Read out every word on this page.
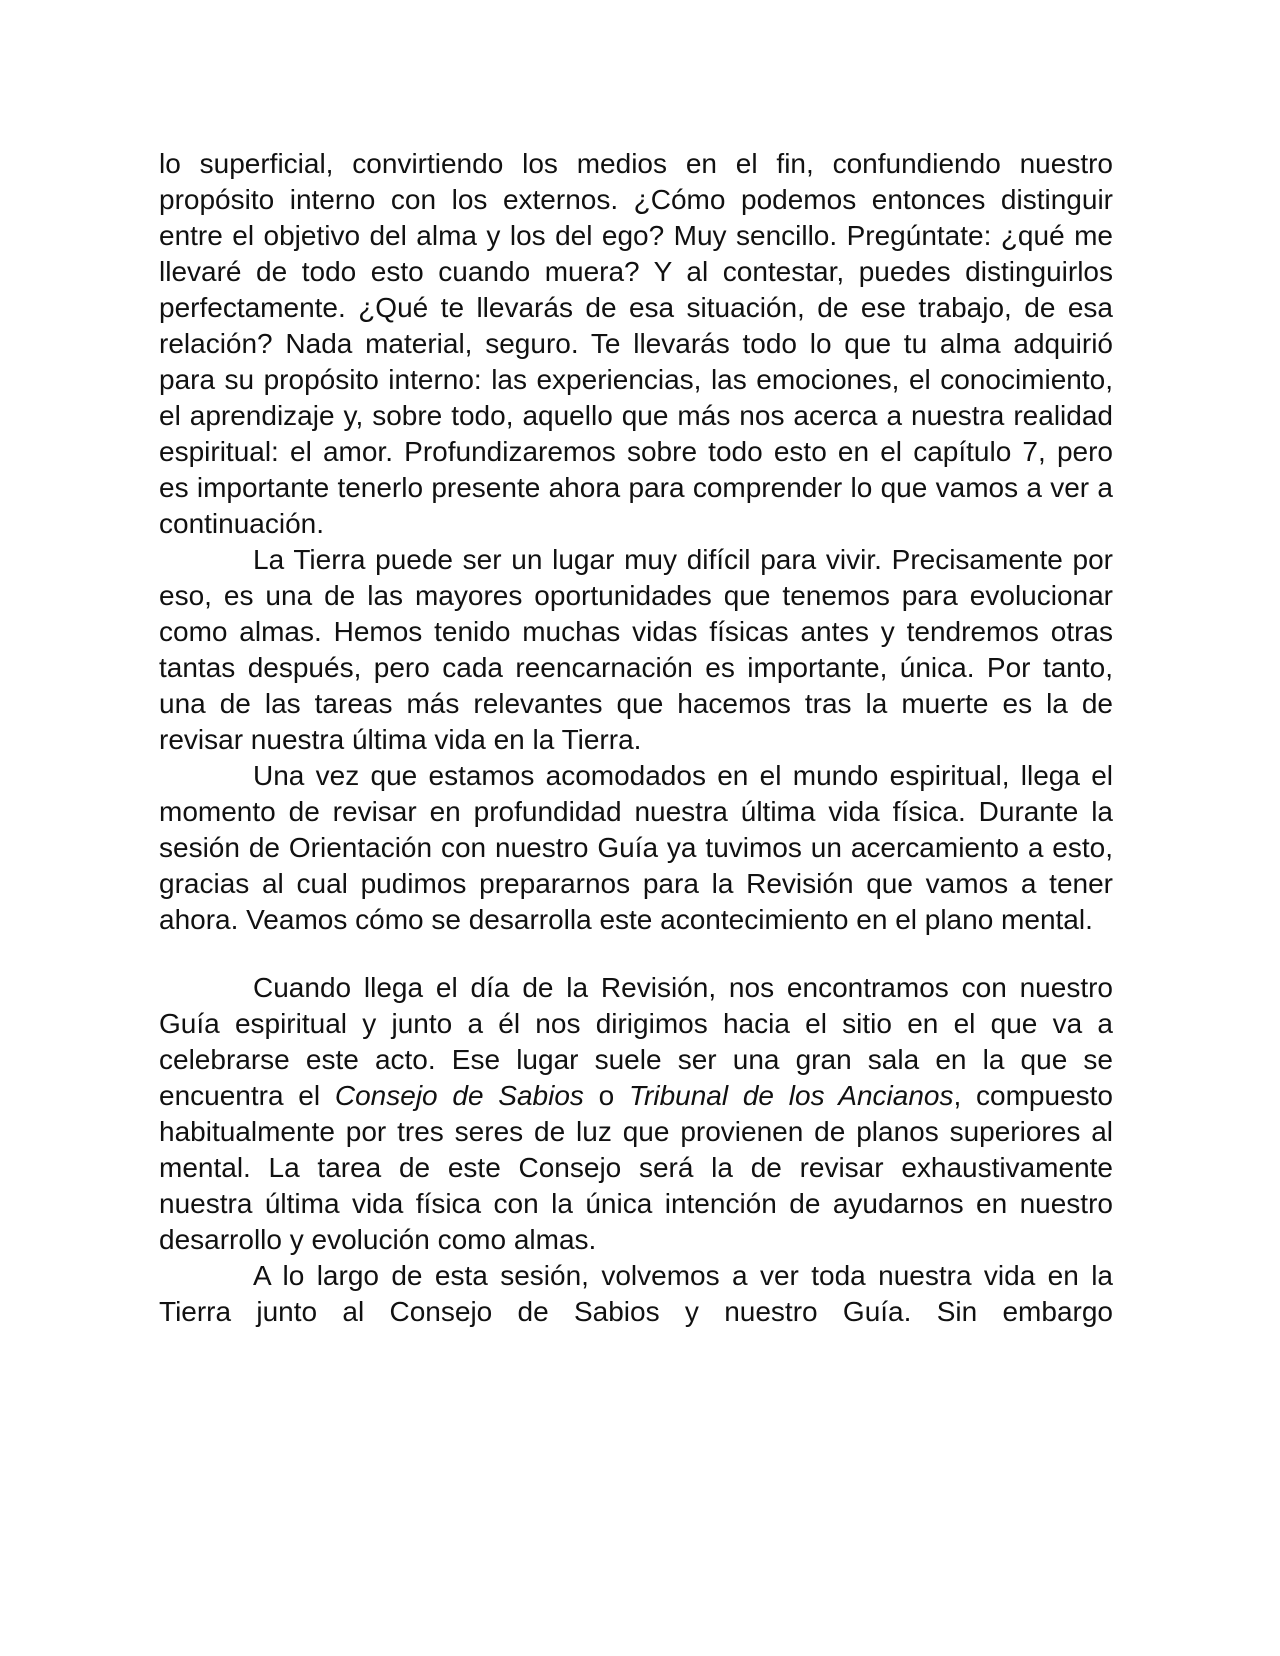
lo superficial, convirtiendo los medios en el fin, confundiendo nuestro propósito interno con los externos. ¿Cómo podemos entonces distinguir entre el objetivo del alma y los del ego? Muy sencillo. Pregúntate: ¿qué me llevaré de todo esto cuando muera? Y al contestar, puedes distinguirlos perfectamente. ¿Qué te llevarás de esa situación, de ese trabajo, de esa relación? Nada material, seguro. Te llevarás todo lo que tu alma adquirió para su propósito interno: las experiencias, las emociones, el conocimiento, el aprendizaje y, sobre todo, aquello que más nos acerca a nuestra realidad espiritual: el amor. Profundizaremos sobre todo esto en el capítulo 7, pero es importante tenerlo presente ahora para comprender lo que vamos a ver a continuación.

La Tierra puede ser un lugar muy difícil para vivir. Precisamente por eso, es una de las mayores oportunidades que tenemos para evolucionar como almas. Hemos tenido muchas vidas físicas antes y tendremos otras tantas después, pero cada reencarnación es importante, única. Por tanto, una de las tareas más relevantes que hacemos tras la muerte es la de revisar nuestra última vida en la Tierra.

Una vez que estamos acomodados en el mundo espiritual, llega el momento de revisar en profundidad nuestra última vida física. Durante la sesión de Orientación con nuestro Guía ya tuvimos un acercamiento a esto, gracias al cual pudimos prepararnos para la Revisión que vamos a tener ahora. Veamos cómo se desarrolla este acontecimiento en el plano mental.

Cuando llega el día de la Revisión, nos encontramos con nuestro Guía espiritual y junto a él nos dirigimos hacia el sitio en el que va a celebrarse este acto. Ese lugar suele ser una gran sala en la que se encuentra el Consejo de Sabios o Tribunal de los Ancianos, compuesto habitualmente por tres seres de luz que provienen de planos superiores al mental. La tarea de este Consejo será la de revisar exhaustivamente nuestra última vida física con la única intención de ayudarnos en nuestro desarrollo y evolución como almas.

A lo largo de esta sesión, volvemos a ver toda nuestra vida en la Tierra junto al Consejo de Sabios y nuestro Guía. Sin embargo
